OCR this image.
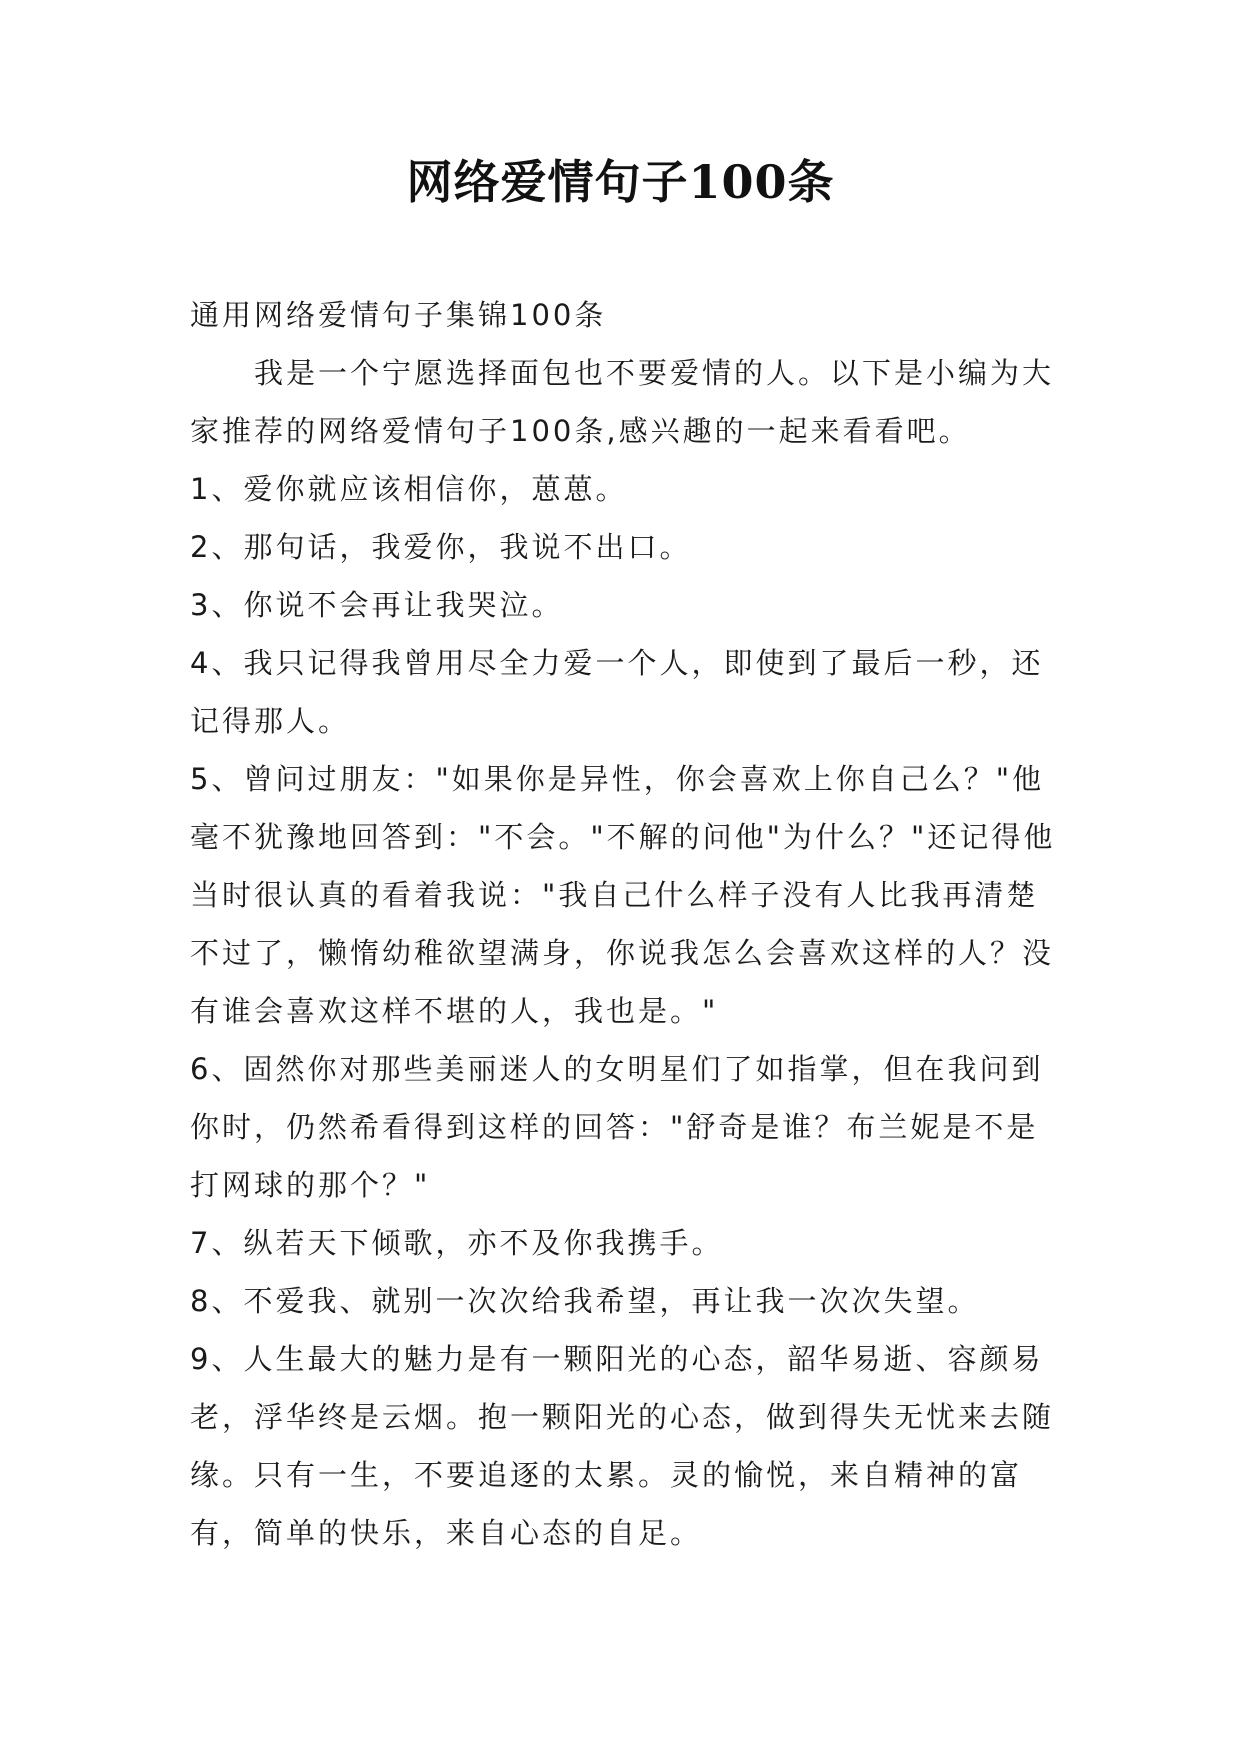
网络爱情句子100条

通用网络爱情句子集锦100条

我是一个宁愿选择面包也不要爱情的人。以下是小编为大家推荐的网络爱情句子100条,感兴趣的一起来看看吧。

1、爱你就应该相信你，葸葸。

2、那句话，我爱你，我说不出口。

3、你说不会再让我哭泣。

4、我只记得我曾用尽全力爱一个人，即使到了最后一秒，还记得那人。

5、曾问过朋友："如果你是异性，你会喜欢上你自己么？"他毫不犹豫地回答到："不会。"不解的问他"为什么？"还记得他当时很认真的看着我说："我自己什么样子没有人比我再清楚不过了，懒惰幼稚欲望满身，你说我怎么会喜欢这样的人？没有谁会喜欢这样不堪的人，我也是。"

6、固然你对那些美丽迷人的女明星们了如指掌，但在我问到你时，仍然希看得到这样的回答："舒奇是谁？布兰妮是不是打网球的那个？"

7、纵若天下倾歌，亦不及你我携手。

8、不爱我、就别一次次给我希望，再让我一次次失望。

9、人生最大的魅力是有一颗阳光的心态，韶华易逝、容颜易老，浮华终是云烟。抱一颗阳光的心态，做到得失无忧来去随缘。只有一生，不要追逐的太累。灵的愉悦，来自精神的富有，简单的快乐，来自心态的自足。
